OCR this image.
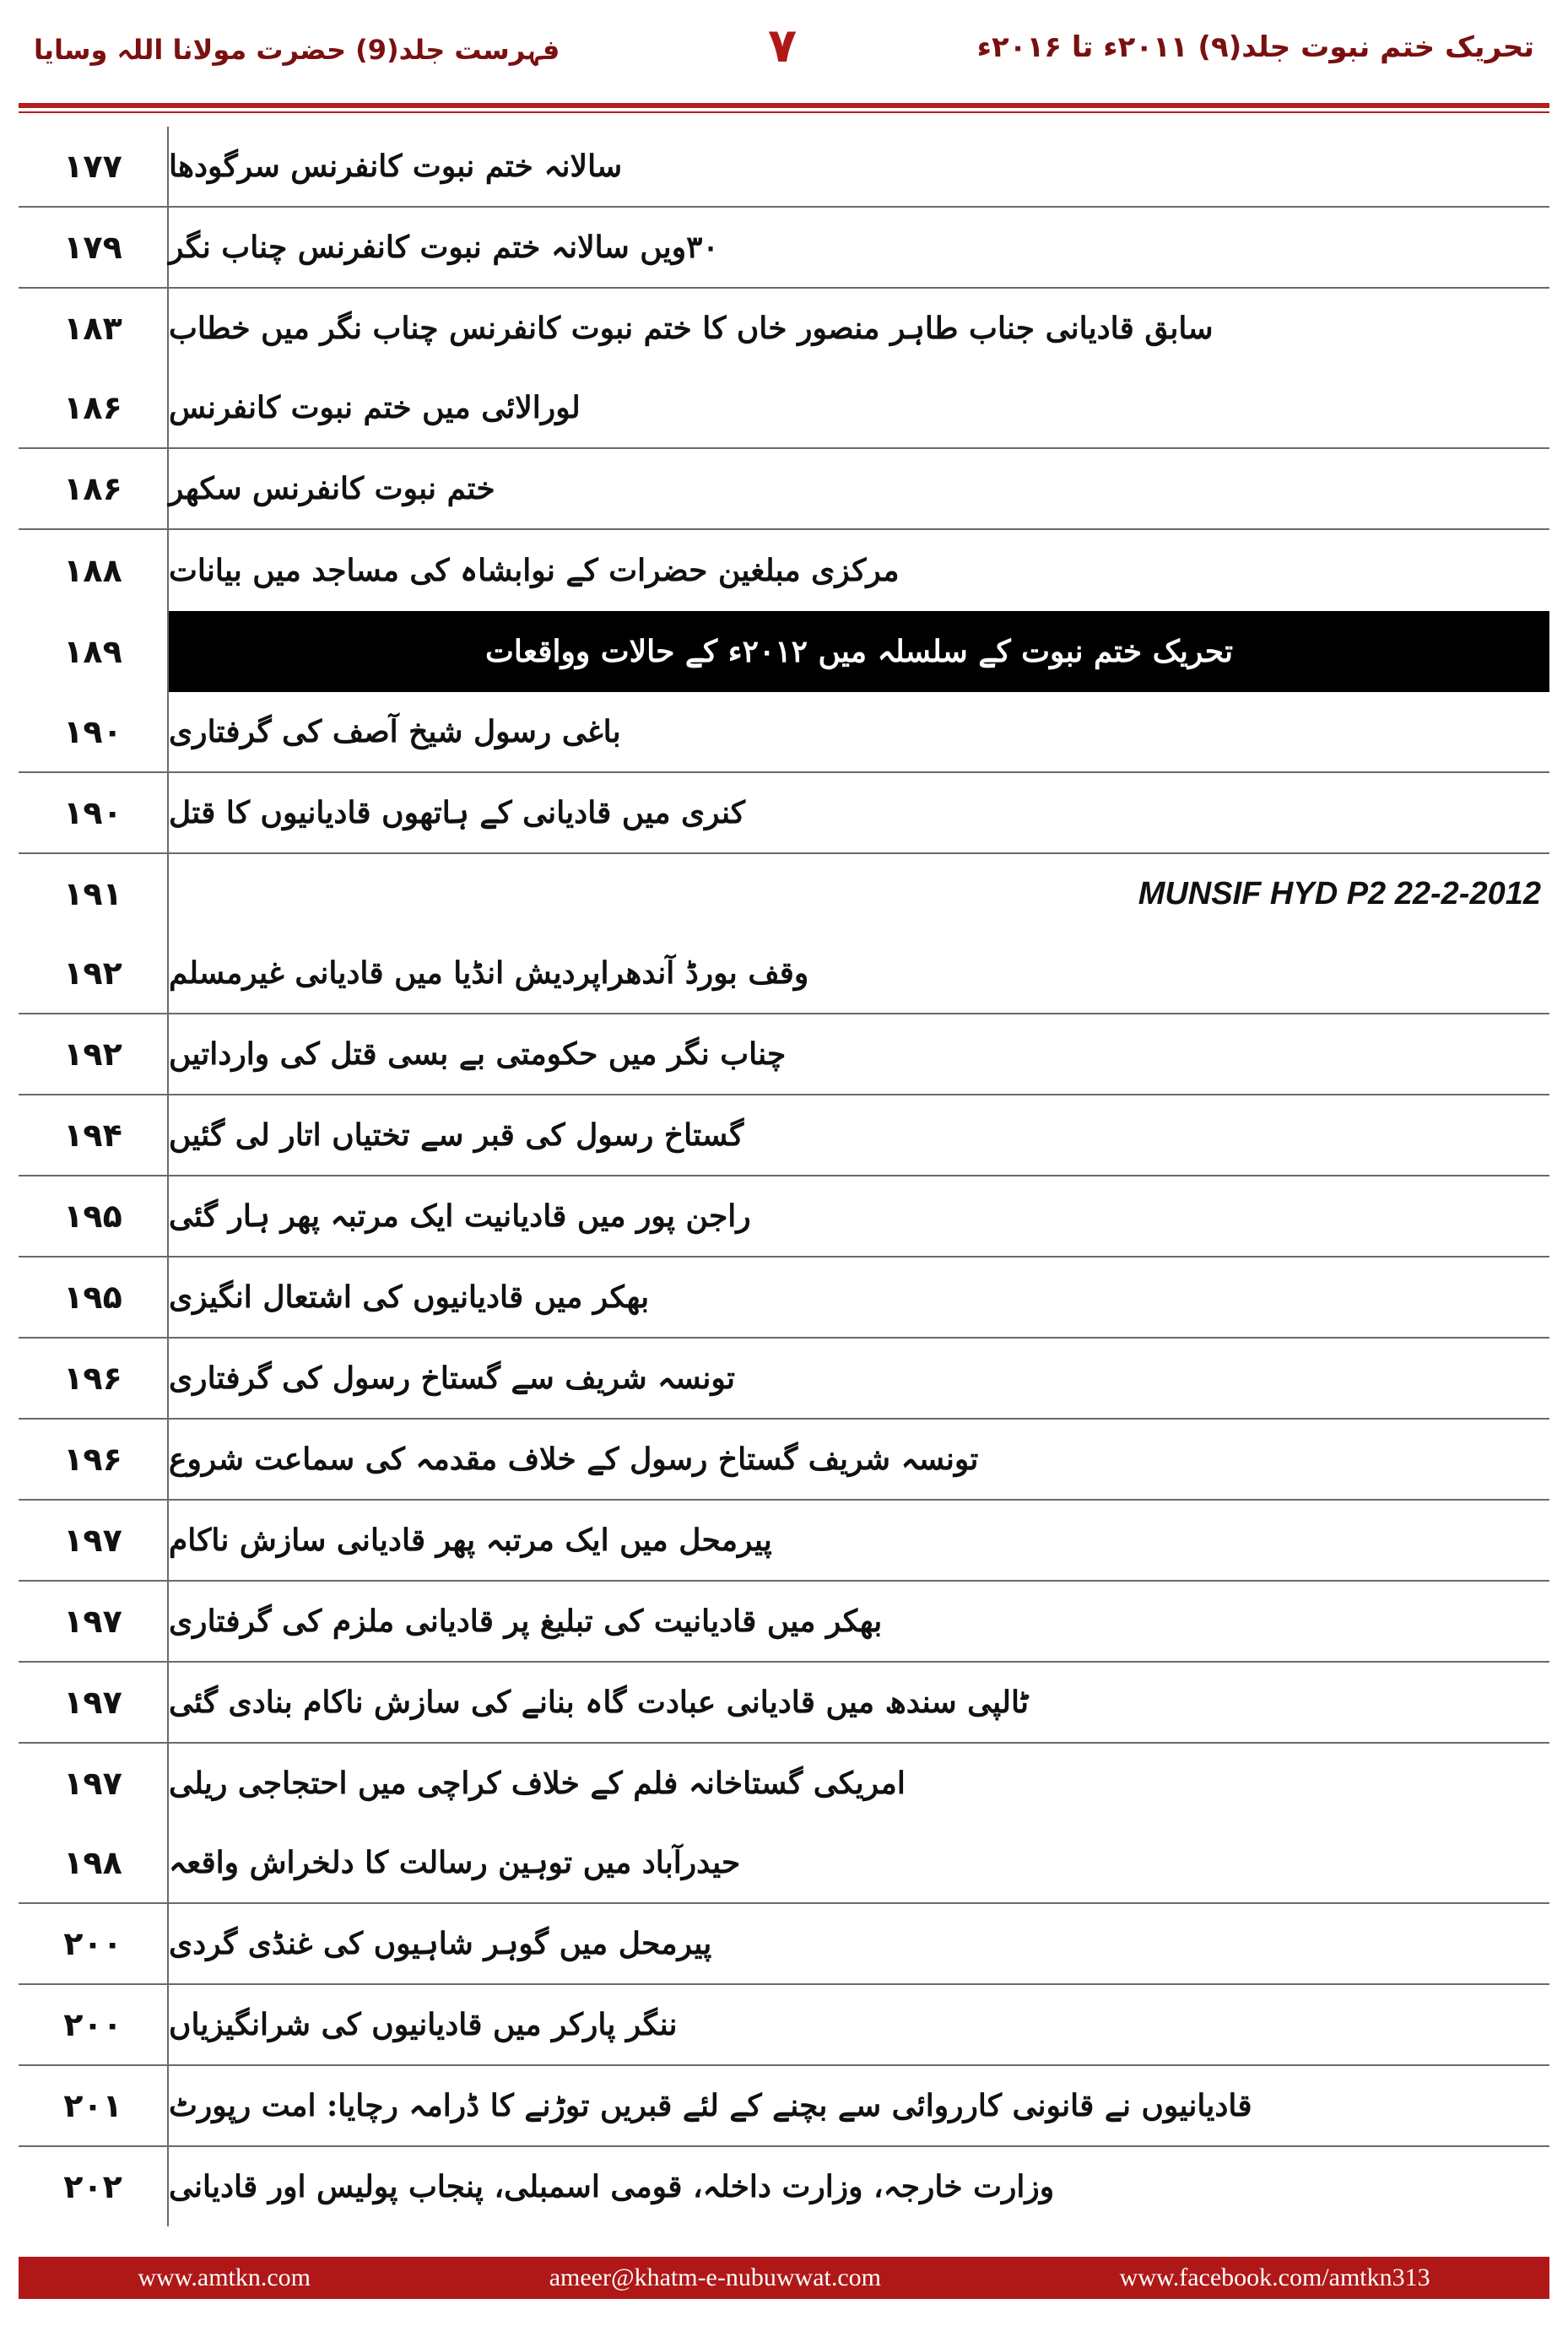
تحریک ختم نبوت جلد(۹) ۲۰۱۱ء تا ۲۰۱۶ء
۷
فہرست جلد(9) حضرت مولانا اللہ وسایا
۱۷۷	سالانہ ختم نبوت کانفرنس سرگودھا
۱۷۹	۳۰ویں سالانہ ختم نبوت کانفرنس چناب نگر
۱۸۳	سابق قادیانی جناب طاہر منصور خاں کا ختم نبوت کانفرنس چناب نگر میں خطاب
۱۸۶	لورالائی میں ختم نبوت کانفرنس
۱۸۶	ختم نبوت کانفرنس سکھر
۱۸۸	مرکزی مبلغین حضرات کے نوابشاہ کی مساجد میں بیانات
۱۸۹	تحریک ختم نبوت کے سلسلہ میں ۲۰۱۲ء کے حالات وواقعات
۱۹۰	باغی رسول شیخ آصف کی گرفتاری
۱۹۰	کنری میں قادیانی کے ہاتھوں قادیانیوں کا قتل
۱۹۱	MUNSIF HYD P2 22-2-2012
۱۹۲	وقف بورڈ آندھراپردیش انڈیا میں قادیانی غیرمسلم
۱۹۲	چناب نگر میں حکومتی بے بسی قتل کی وارداتیں
۱۹۴	گستاخ رسول کی قبر سے تختیاں اتار لی گئیں
۱۹۵	راجن پور میں قادیانیت ایک مرتبہ پھر ہار گئی
۱۹۵	بھکر میں قادیانیوں کی اشتعال انگیزی
۱۹۶	تونسہ شریف سے گستاخ رسول کی گرفتاری
۱۹۶	تونسہ شریف گستاخ رسول کے خلاف مقدمہ کی سماعت شروع
۱۹۷	پیرمحل میں ایک مرتبہ پھر قادیانی سازش ناکام
۱۹۷	بھکر میں قادیانیت کی تبلیغ پر قادیانی ملزم کی گرفتاری
۱۹۷	ٹالپی سندھ میں قادیانی عبادت گاہ بنانے کی سازش ناکام بنادی گئی
۱۹۷	امریکی گستاخانہ فلم کے خلاف کراچی میں احتجاجی ریلی
۱۹۸	حیدرآباد میں توہین رسالت کا دلخراش واقعہ
۲۰۰	پیرمحل میں گوہر شاہیوں کی غنڈی گردی
۲۰۰	ننگر پارکر میں قادیانیوں کی شرانگیزیاں
۲۰۱	قادیانیوں نے قانونی کارروائی سے بچنے کے لئے قبریں توڑنے کا ڈرامہ رچایا: امت رپورٹ
۲۰۲	وزارت خارجہ، وزارت داخلہ، قومی اسمبلی، پنجاب پولیس اور قادیانی
www.amtkn.com	ameer@khatm-e-nubuwwat.com	www.facebook.com/amtkn313
